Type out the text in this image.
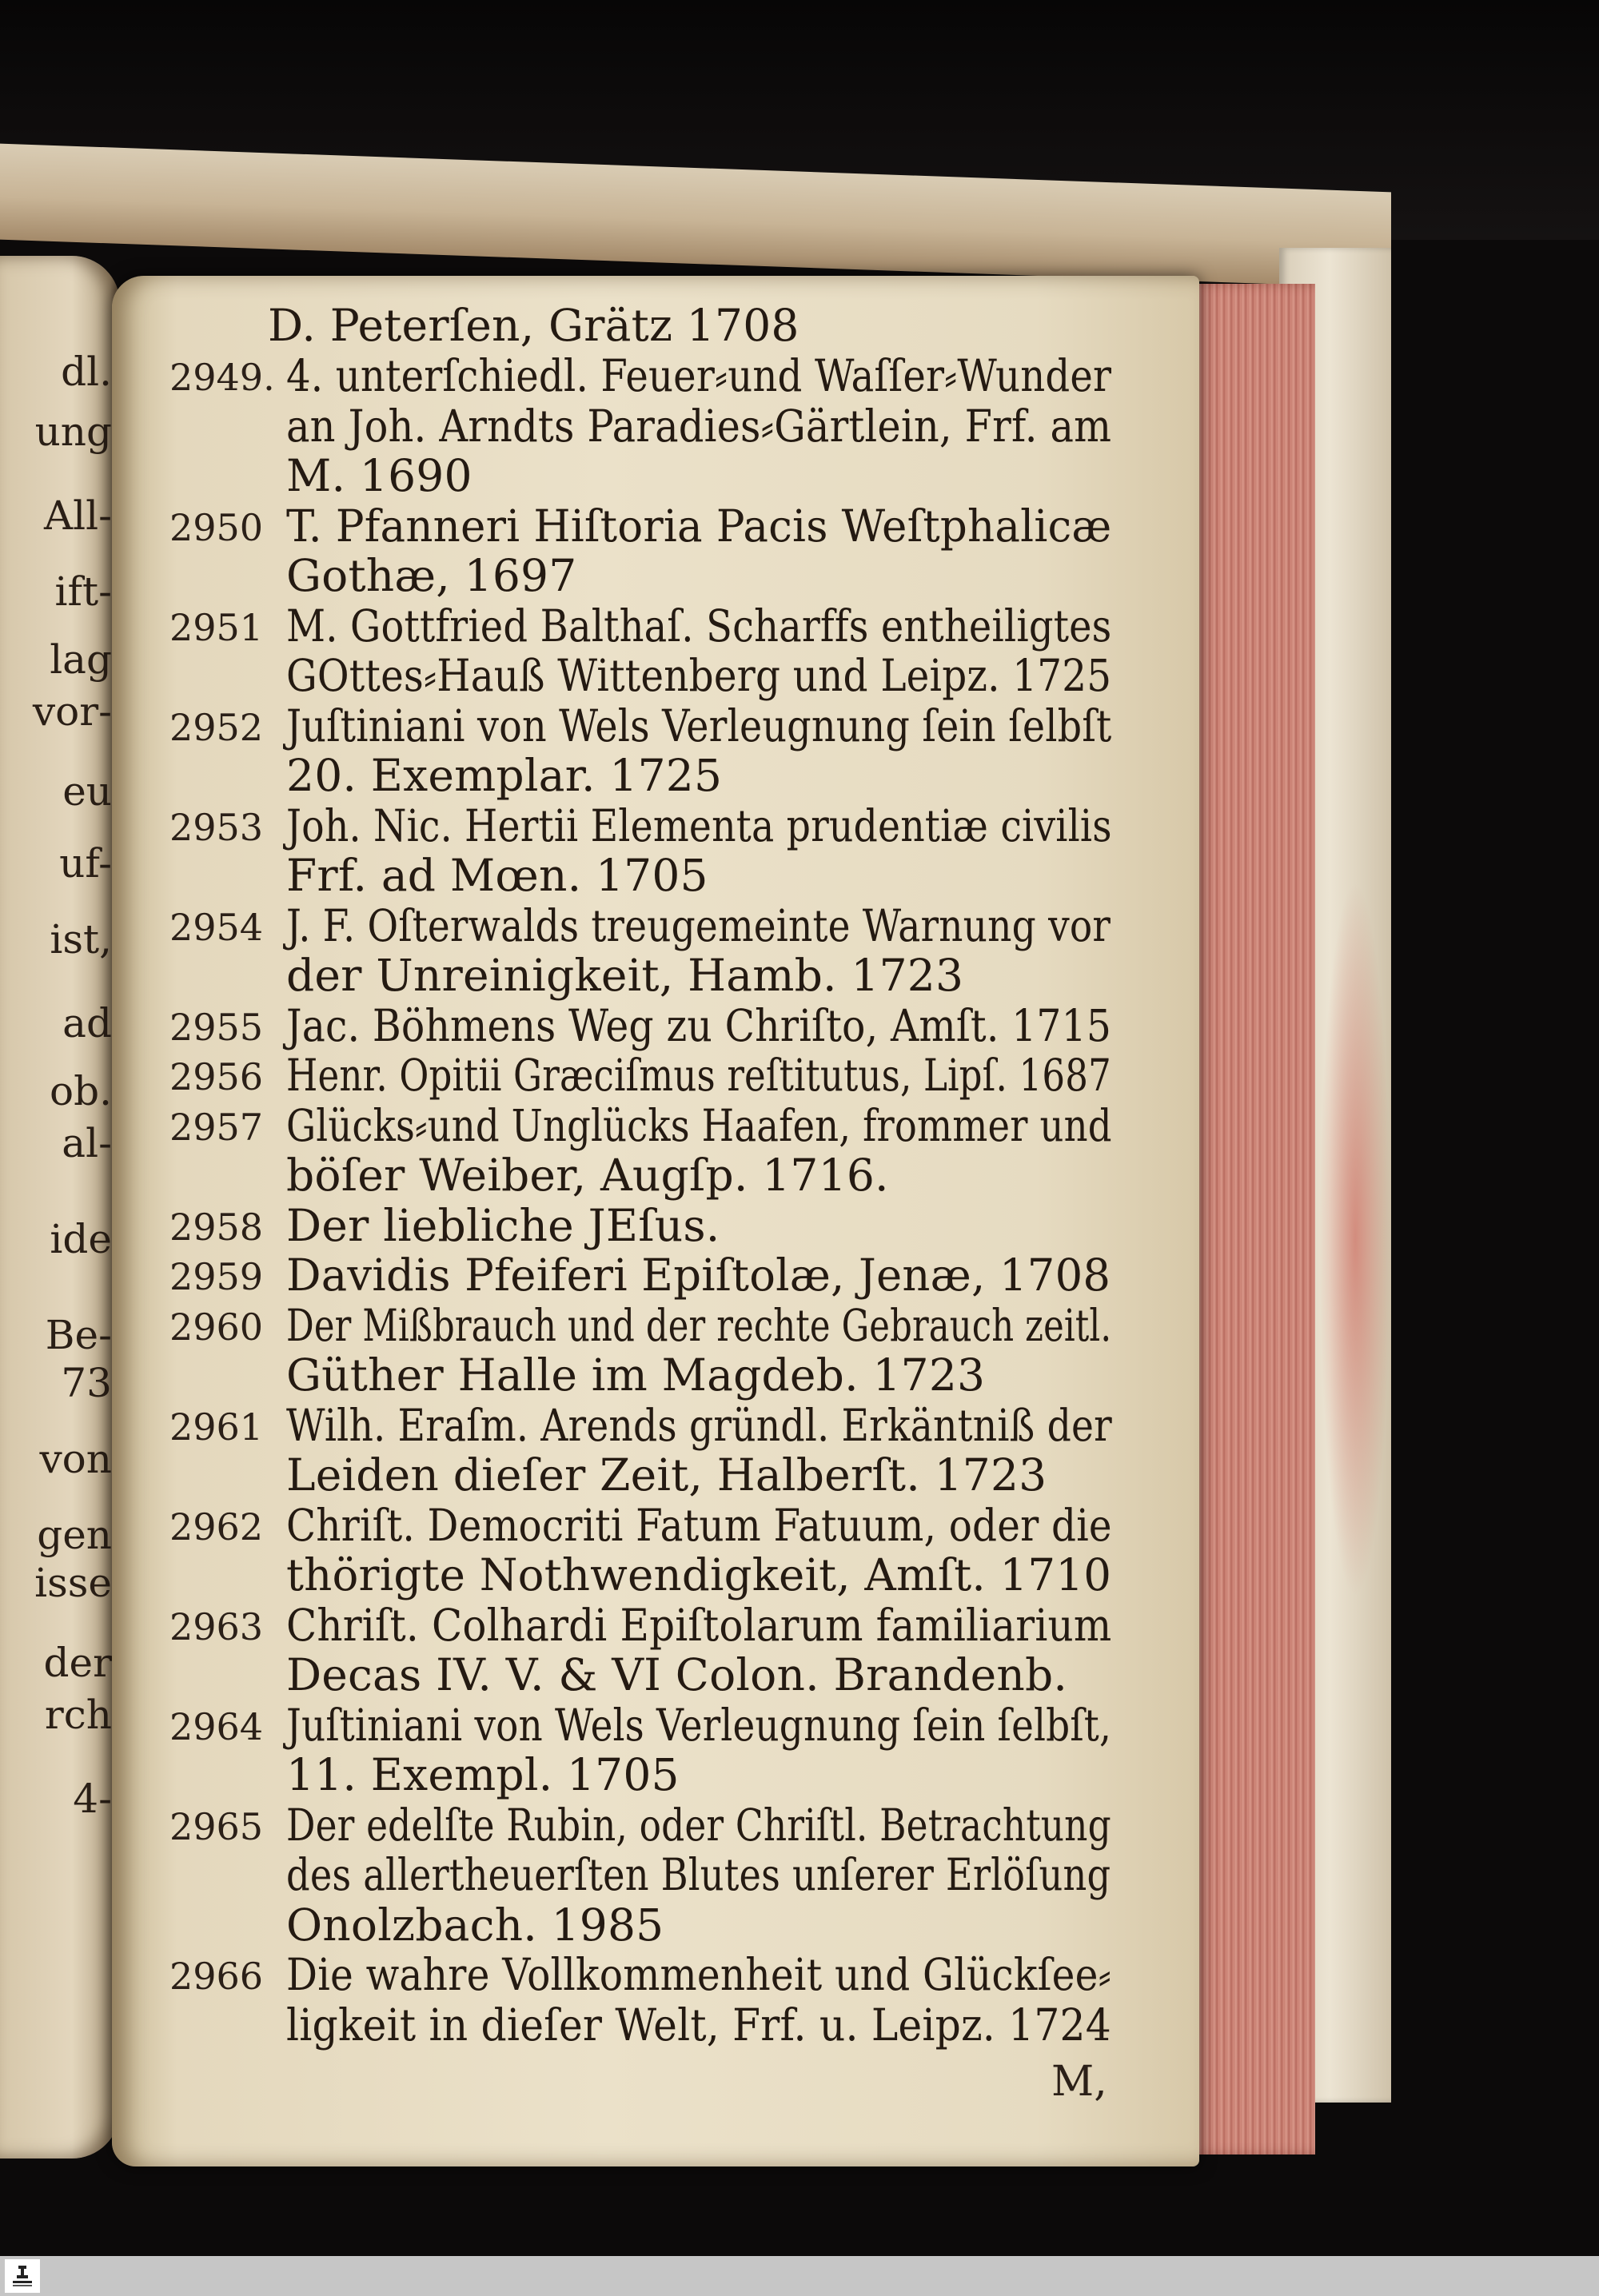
dl.
ung
All-
ift-
lag
vor-
eu
uf-
ist,
ad
ob.
al-
ide
Be-
73
von
gen
isse
der
rch
4-
D. Peterſen, Grätz 1708
2949. 4. unterſchiedl. Feuer⸗und Waſſer⸗Wunder
an Joh. Arndts Paradies⸗Gärtlein, Frf. am
M. 1690
2950 T. Pfanneri Hiſtoria Pacis Weſtphalicæ
Gothæ, 1697
2951 M. Gottfried Balthaſ. Scharffs entheiligtes
GOttes⸗Hauß Wittenberg und Leipz. 1725
2952 Juſtiniani von Wels Verleugnung ſein ſelbſt
20. Exemplar. 1725
2953 Joh. Nic. Hertii Elementa prudentiæ civilis
Frf. ad Mœn. 1705
2954 J. F. Oſterwalds treugemeinte Warnung vor
der Unreinigkeit, Hamb. 1723
2955 Jac. Böhmens Weg zu Chriſto, Amſt. 1715
2956 Henr. Opitii Græciſmus reſtitutus, Lipſ. 1687
2957 Glücks⸗und Unglücks Haafen, frommer und
böſer Weiber, Augſp. 1716.
2958 Der liebliche JEſus.
2959 Davidis Pfeiferi Epiſtolæ, Jenæ, 1708
2960 Der Mißbrauch und der rechte Gebrauch zeitl.
Güther Halle im Magdeb. 1723
2961 Wilh. Eraſm. Arends gründl. Erkäntniß der
Leiden dieſer Zeit, Halberſt. 1723
2962 Chriſt. Democriti Fatum Fatuum, oder die
thörigte Nothwendigkeit, Amſt. 1710
2963 Chriſt. Colhardi Epiſtolarum familiarium
Decas IV. V. & VI Colon. Brandenb.
2964 Juſtiniani von Wels Verleugnung ſein ſelbſt,
11. Exempl. 1705
2965 Der edelſte Rubin, oder Chriſtl. Betrachtung
des allertheuerſten Blutes unſerer Erlöſung
Onolzbach. 1985
2966 Die wahre Vollkommenheit und Glückſee⸗
ligkeit in dieſer Welt, Frf. u. Leipz. 1724
M,
